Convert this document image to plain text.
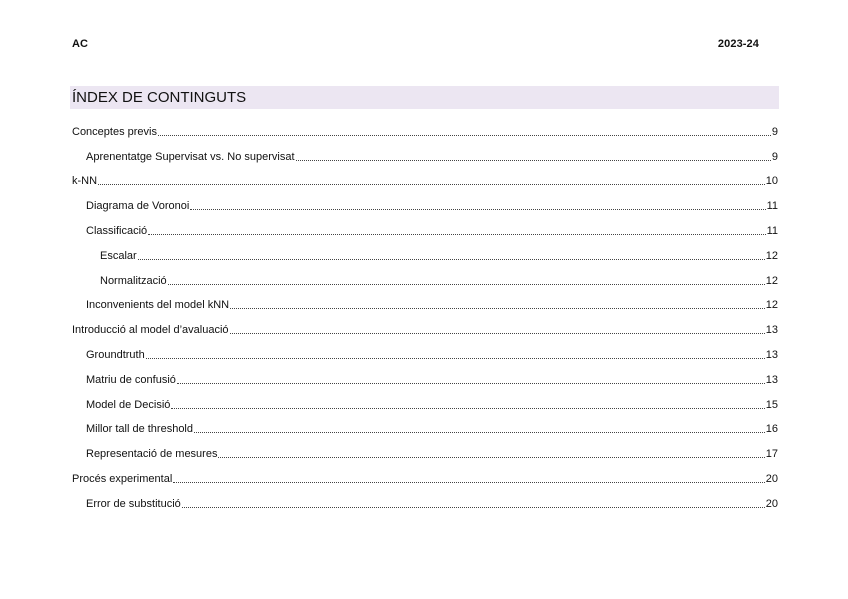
AC	2023-24
ÍNDEX DE CONTINGUTS
Conceptes previs	9
Aprenentatge Supervisat vs. No supervisat	9
k-NN	10
Diagrama de Voronoi	11
Classificació	11
Escalar	12
Normalització	12
Inconvenients del model kNN	12
Introducció al model d’avaluació	13
Groundtruth	13
Matriu de confusió	13
Model de Decisió	15
Millor tall de threshold	16
Representació de mesures	17
Procés experimental	20
Error de substitució	20
